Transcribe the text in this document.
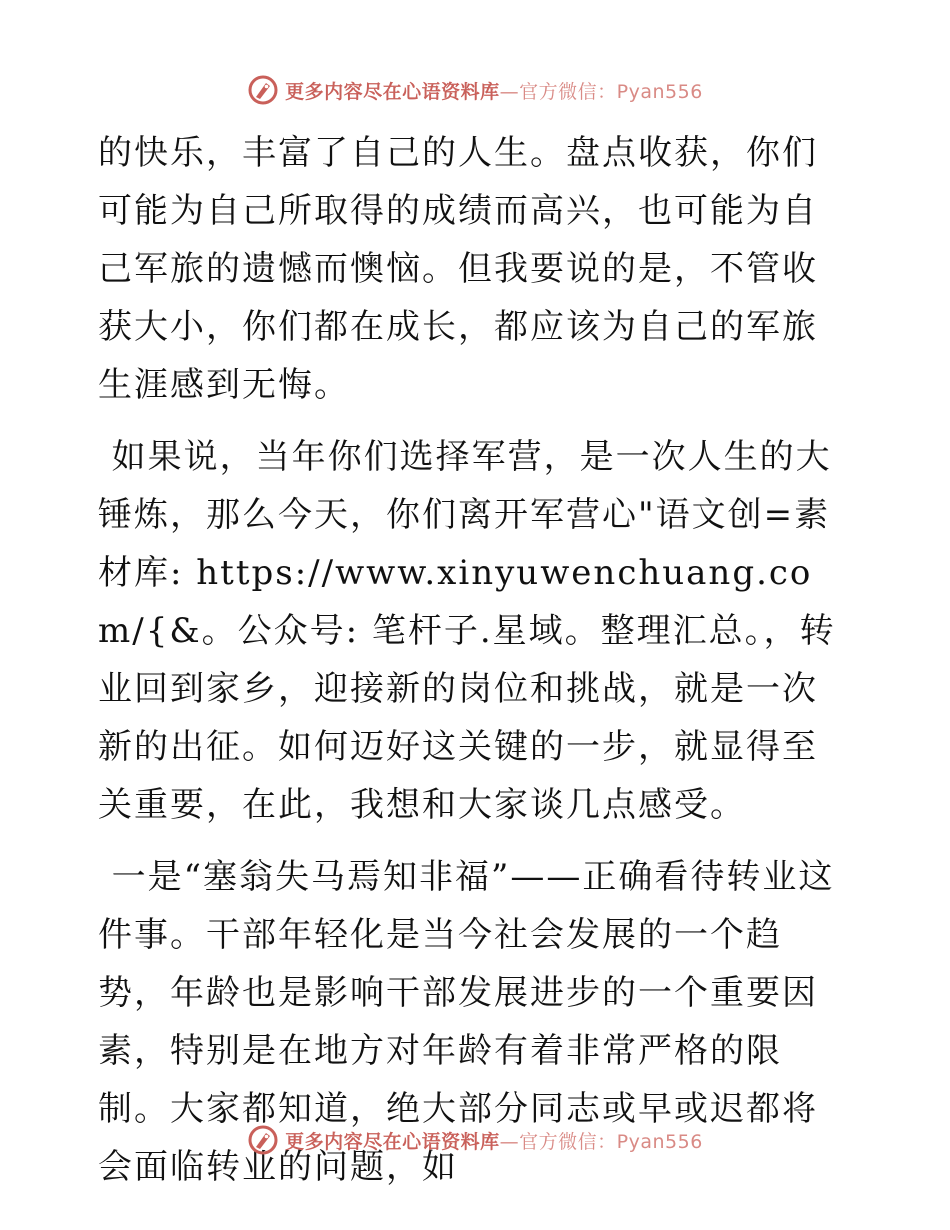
更多内容尽在心语资料库—官方微信：Pyan556

的快乐，丰富了自己的人生。盘点收获，你们可能为自己所取得的成绩而高兴，也可能为自己军旅的遗憾而懊恼。但我要说的是，不管收获大小，你们都在成长，都应该为自己的军旅生涯感到无悔。

如果说，当年你们选择军营，是一次人生的大锤炼，那么今天，你们离开军营心"语文创=素材库: https://www.xinyuwenchuang.com/{&。公众号: 笔杆子.星域。整理汇总。，转业回到家乡，迎接新的岗位和挑战，就是一次新的出征。如何迈好这关键的一步，就显得至关重要，在此，我想和大家谈几点感受。

一是“塞翁失马焉知非福”——正确看待转业这件事。干部年轻化是当今社会发展的一个趋势，年龄也是影响干部发展进步的一个重要因素，特别是在地方对年龄有着非常严格的限制。大家都知道，绝大部分同志或早或迟都将会面临转业的问题，如

更多内容尽在心语资料库—官方微信：Pyan556
